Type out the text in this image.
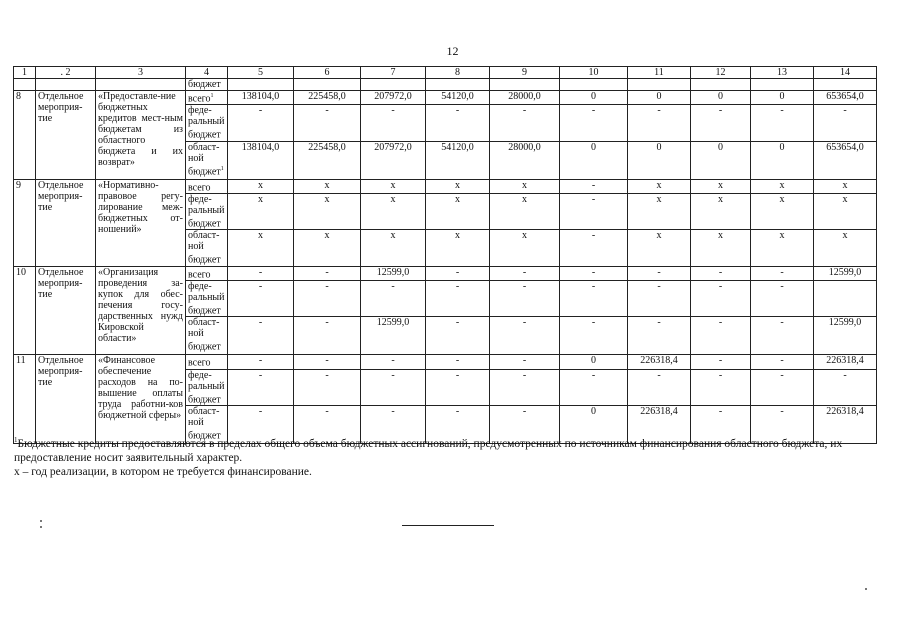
12
1	. 2	3	4	5	6	7	8	9	10	11	12	13	14
			бюджет										
8	Отдельное мероприя-тие	«Предоставле-ние бюджетных кредитов мест-ным бюджетам из областного бюджета и их возврат»	всего$^1$	138104,0	225458,0	207972,0	54120,0	28000,0	0	0	0	0	653654,0
			феде-ральный бюджет	-	-	-	-	-	-	-	-	-	-
			област-ной бюджет$^1$	138104,0	225458,0	207972,0	54120,0	28000,0	0	0	0	0	653654,0
9	Отдельное мероприя-тие	«Нормативно-правовое регу-лирование меж-бюджетных от-ношений»	всего	x	x	x	x	x	-	x	x	x	x
			феде-ральный бюджет	x	x	x	x	x	-	x	x	x	x
			област-ной бюджет	x	x	x	x	x	-	x	x	x	x
10	Отдельное мероприя-тие	«Организация проведения за-купок для обес-печения госу-дарственных нужд Кировской области»	всего	-	-	12599,0	-	-	-	-	-	-	12599,0
			феде-ральный бюджет	-	-	-	-	-	-	-	-	-	
			област-ной бюджет	-	-	12599,0	-	-	-	-	-	-	12599,0
11	Отдельное мероприя-тие	«Финансовое обеспечение расходов на по-вышение оплаты труда работни-ков бюджетной сферы»	всего	-	-	-	-	-	0	226318,4	-	-	226318,4
			феде-ральный бюджет	-	-	-	-	-	-	-	-	-	-
			област-ной бюджет	-	-	-	-	-	0	226318,4	-	-	226318,4

$^1$Бюджетные кредиты предоставляются в пределах общего объема бюджетных ассигнований, предусмотренных по источникам финансирования областного бюджета, их предоставление носит заявительный характер.

x – год реализации, в котором не требуется финансирование.
